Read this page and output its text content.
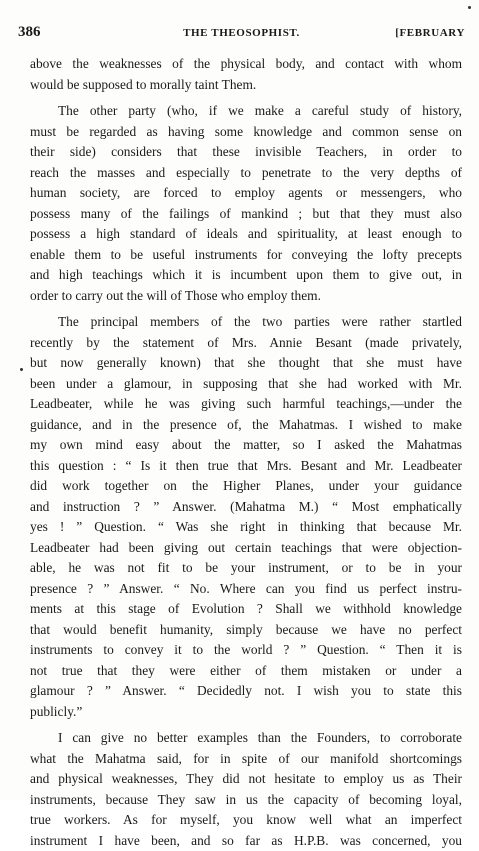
386	THE THEOSOPHIST.	[FEBRUARY
above the weaknesses of the physical body, and contact with whom
would be supposed to morally taint Them.
The other party (who, if we make a careful study of history,
must be regarded as having some knowledge and common sense on
their side) considers that these invisible Teachers, in order to
reach the masses and especially to penetrate to the very depths of
human society, are forced to employ agents or messengers, who
possess many of the failings of mankind ; but that they must also
possess a high standard of ideals and spirituality, at least enough to
enable them to be useful instruments for conveying the lofty precepts
and high teachings which it is incumbent upon them to give out, in
order to carry out the will of Those who employ them.
The principal members of the two parties were rather startled
recently by the statement of Mrs. Annie Besant (made privately,
but now generally known) that she thought that she must have
been under a glamour, in supposing that she had worked with Mr.
Leadbeater, while he was giving such harmful teachings,—under the
guidance, and in the presence of, the Mahatmas. I wished to make
my own mind easy about the matter, so I asked the Mahatmas
this question : “ Is it then true that Mrs. Besant and Mr. Leadbeater
did work together on the Higher Planes, under your guidance
and instruction ? ” Answer. (Mahatma M.) “ Most emphatically
yes ! ” Question. “ Was she right in thinking that because Mr.
Leadbeater had been giving out certain teachings that were objection-
able, he was not fit to be your instrument, or to be in your
presence ? ” Answer. “ No. Where can you find us perfect instru-
ments at this stage of Evolution ? Shall we withhold knowledge
that would benefit humanity, simply because we have no perfect
instruments to convey it to the world ? ” Question. “ Then it is
not true that they were either of them mistaken or under a
glamour ? ” Answer. “ Decidedly not. I wish you to state this
publicly.”
I can give no better examples than the Founders, to corroborate
what the Mahatma said, for in spite of our manifold shortcomings
and physical weaknesses, They did not hesitate to employ us as Their
instruments, because They saw in us the capacity of becoming loyal,
true workers. As for myself, you know well what an imperfect
instrument I have been, and so far as H.P.B. was concerned, you
